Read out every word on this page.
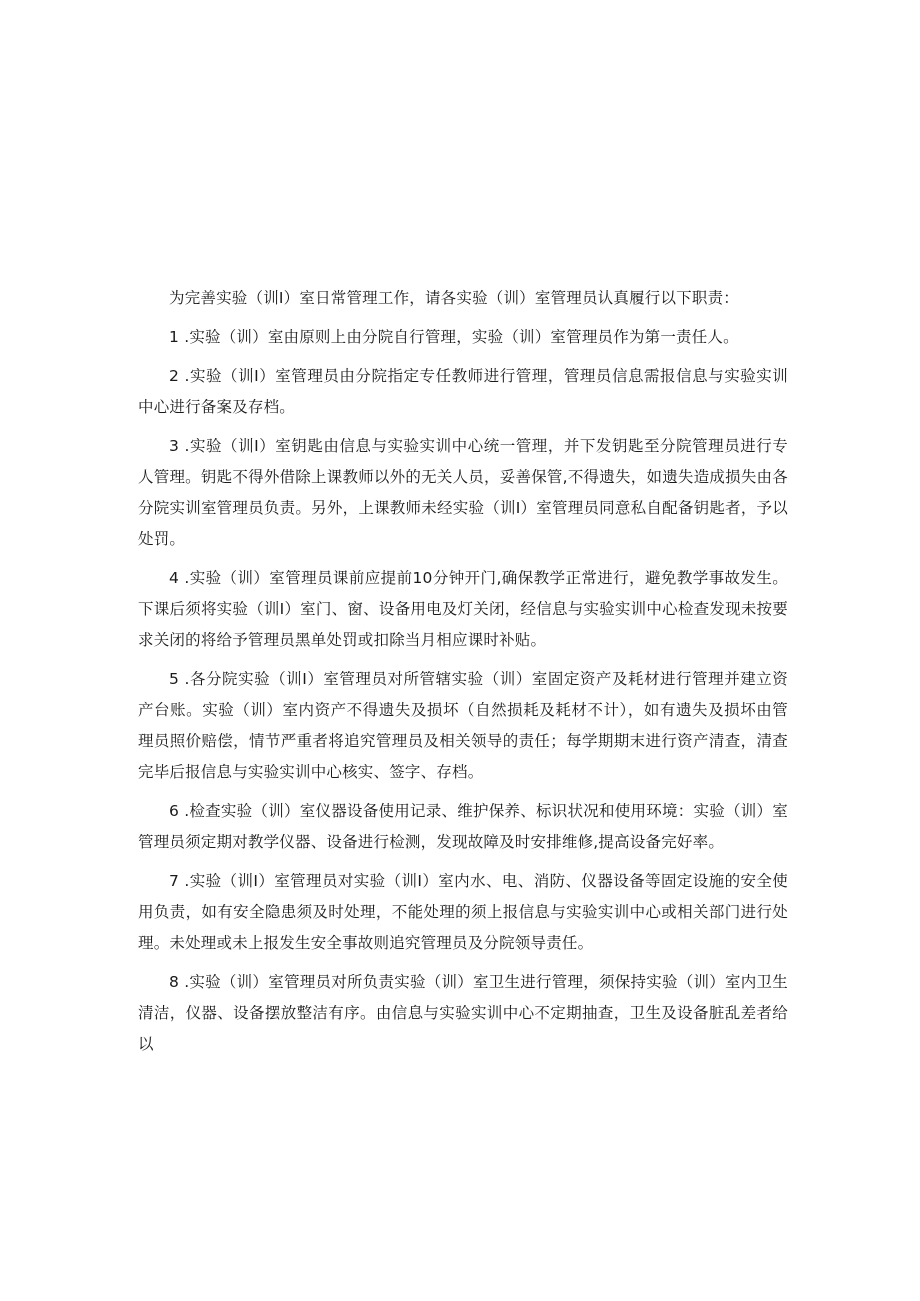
为完善实验（训I）室日常管理工作，请各实验（训）室管理员认真履行以下职责：

1 .实验（训）室由原则上由分院自行管理，实验（训）室管理员作为第一责任人。

2 .实验（训I）室管理员由分院指定专任教师进行管理，管理员信息需报信息与实验实训中心进行备案及存档。

3 .实验（训I）室钥匙由信息与实验实训中心统一管理，并下发钥匙至分院管理员进行专人管理。钥匙不得外借除上课教师以外的无关人员，妥善保管,不得遗失，如遗失造成损失由各分院实训室管理员负责。另外，上课教师未经实验（训I）室管理员同意私自配备钥匙者，予以处罚。

4 .实验（训）室管理员课前应提前10分钟开门,确保教学正常进行，避免教学事故发生。下课后须将实验（训I）室门、窗、设备用电及灯关闭，经信息与实验实训中心检查发现未按要求关闭的将给予管理员黑单处罚或扣除当月相应课时补贴。

5 .各分院实验（训I）室管理员对所管辖实验（训）室固定资产及耗材进行管理并建立资产台账。实验（训）室内资产不得遗失及损坏（自然损耗及耗材不计），如有遗失及损坏由管理员照价赔偿，情节严重者将追究管理员及相关领导的责任；每学期期末进行资产清查，清查完毕后报信息与实验实训中心核实、签字、存档。

6 .检查实验（训）室仪器设备使用记录、维护保养、标识状况和使用环境：实验（训）室管理员须定期对教学仪器、设备进行检测，发现故障及时安排维修,提高设备完好率。

7 .实验（训I）室管理员对实验（训I）室内水、电、消防、仪器设备等固定设施的安全使用负责，如有安全隐患须及时处理，不能处理的须上报信息与实验实训中心或相关部门进行处理。未处理或未上报发生安全事故则追究管理员及分院领导责任。

8 .实验（训）室管理员对所负责实验（训）室卫生进行管理，须保持实验（训）室内卫生清洁，仪器、设备摆放整洁有序。由信息与实验实训中心不定期抽查，卫生及设备脏乱差者给以
